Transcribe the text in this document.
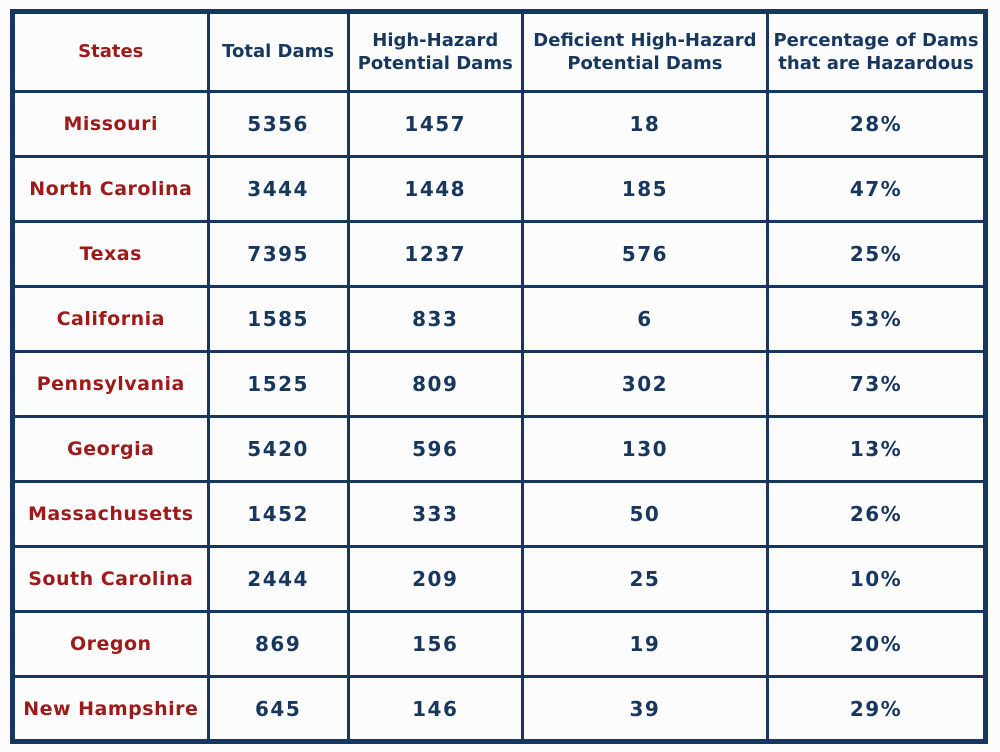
States	Total Dams	High-Hazard Potential Dams	Deficient High-Hazard Potential Dams	Percentage of Dams that are Hazardous
Missouri	5356	1457	18	28%
North Carolina	3444	1448	185	47%
Texas	7395	1237	576	25%
California	1585	833	6	53%
Pennsylvania	1525	809	302	73%
Georgia	5420	596	130	13%
Massachusetts	1452	333	50	26%
South Carolina	2444	209	25	10%
Oregon	869	156	19	20%
New Hampshire	645	146	39	29%
